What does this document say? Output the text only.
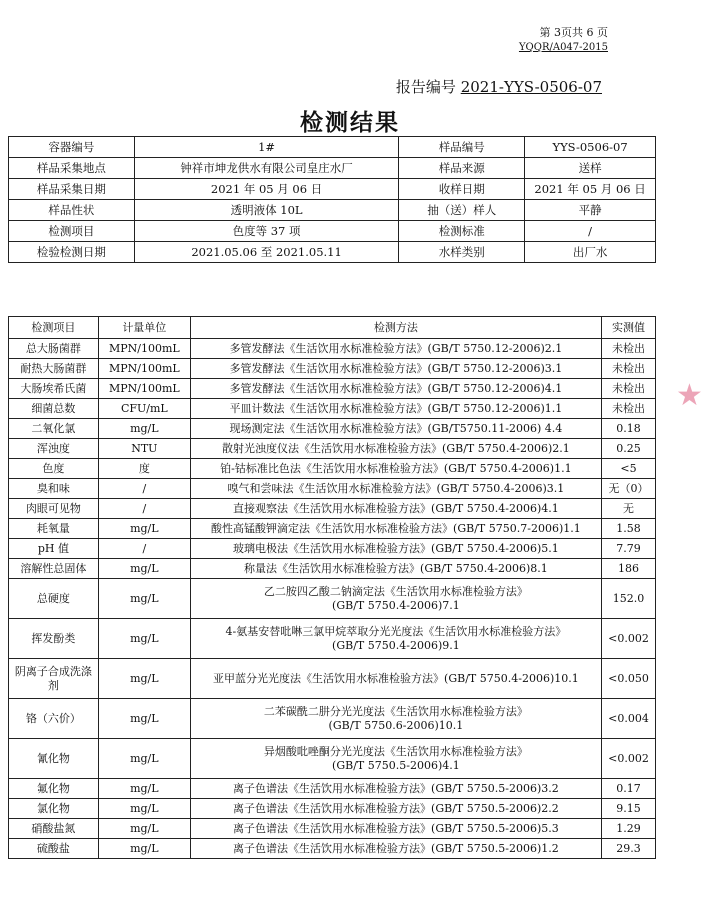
第 3页共 6 页
YQQR/A047-2015
报告编号 2021-YYS-0506-07
检测结果
容器编号	1#	样品编号	YYS-0506-07
样品采集地点	钟祥市坤龙供水有限公司皇庄水厂	样品来源	送样
样品采集日期	2021 年 05 月 06 日	收样日期	2021 年 05 月 06 日
样品性状	透明液体 10L	抽（送）样人	平静
检测项目	色度等 37 项	检测标准	/
检验检测日期	2021.05.06 至 2021.05.11	水样类别	出厂水
检测项目	计量单位	检测方法	实测值
总大肠菌群	MPN/100mL	多管发酵法《生活饮用水标准检验方法》(GB/T 5750.12-2006)2.1	未检出
耐热大肠菌群	MPN/100mL	多管发酵法《生活饮用水标准检验方法》(GB/T 5750.12-2006)3.1	未检出
大肠埃希氏菌	MPN/100mL	多管发酵法《生活饮用水标准检验方法》(GB/T 5750.12-2006)4.1	未检出
细菌总数	CFU/mL	平皿计数法《生活饮用水标准检验方法》(GB/T 5750.12-2006)1.1	未检出
二氧化氯	mg/L	现场测定法《生活饮用水标准检验方法》(GB/T5750.11-2006) 4.4	0.18
浑浊度	NTU	散射光浊度仪法《生活饮用水标准检验方法》(GB/T 5750.4-2006)2.1	0.25
色度	度	铂-钴标准比色法《生活饮用水标准检验方法》(GB/T 5750.4-2006)1.1	<5
臭和味	/	嗅气和尝味法《生活饮用水标准检验方法》(GB/T 5750.4-2006)3.1	无（0）
肉眼可见物	/	直接观察法《生活饮用水标准检验方法》(GB/T 5750.4-2006)4.1	无
耗氧量	mg/L	酸性高锰酸钾滴定法《生活饮用水标准检验方法》(GB/T 5750.7-2006)1.1	1.58
pH 值	/	玻璃电极法《生活饮用水标准检验方法》(GB/T 5750.4-2006)5.1	7.79
溶解性总固体	mg/L	称量法《生活饮用水标准检验方法》(GB/T 5750.4-2006)8.1	186
总硬度	mg/L	乙二胺四乙酸二钠滴定法《生活饮用水标准检验方法》
(GB/T 5750.4-2006)7.1	152.0
挥发酚类	mg/L	4-氨基安替吡啉三氯甲烷萃取分光光度法《生活饮用水标准检验方法》
(GB/T 5750.4-2006)9.1	<0.002
阴离子合成洗涤剂	mg/L	亚甲蓝分光光度法《生活饮用水标准检验方法》(GB/T 5750.4-2006)10.1	<0.050
铬（六价）	mg/L	二苯碳酰二肼分光光度法《生活饮用水标准检验方法》
(GB/T 5750.6-2006)10.1	<0.004
氰化物	mg/L	异烟酸吡唑酮分光光度法《生活饮用水标准检验方法》
(GB/T 5750.5-2006)4.1	<0.002
氟化物	mg/L	离子色谱法《生活饮用水标准检验方法》(GB/T 5750.5-2006)3.2	0.17
氯化物	mg/L	离子色谱法《生活饮用水标准检验方法》(GB/T 5750.5-2006)2.2	9.15
硝酸盐氮	mg/L	离子色谱法《生活饮用水标准检验方法》(GB/T 5750.5-2006)5.3	1.29
硫酸盐	mg/L	离子色谱法《生活饮用水标准检验方法》(GB/T 5750.5-2006)1.2	29.3
★
